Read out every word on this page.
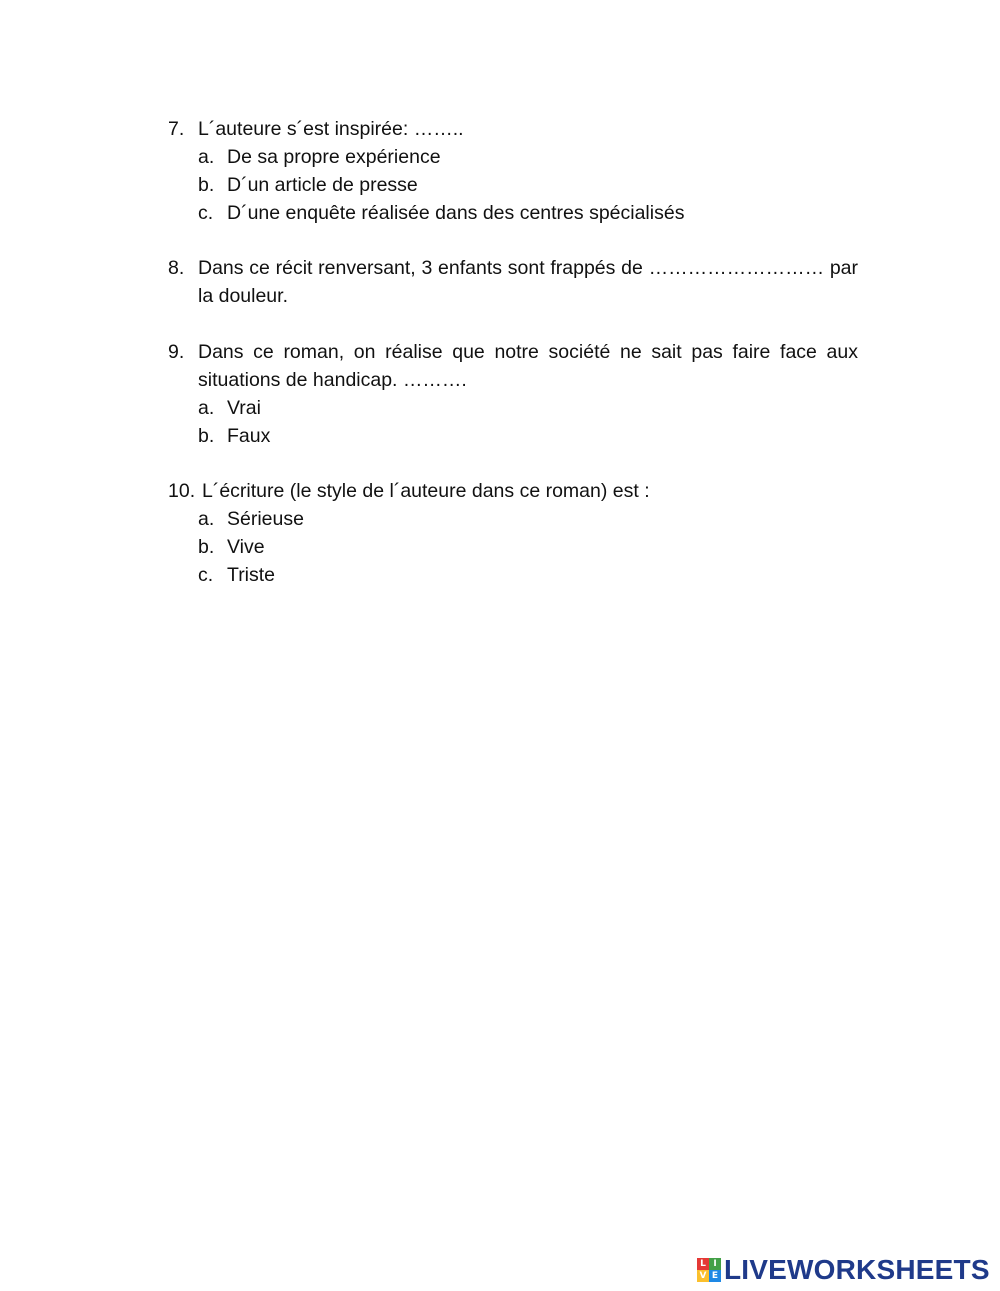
7. L´auteure s´est inspirée: ……..
a. De sa propre expérience
b. D´un article de presse
c. D´une enquête réalisée dans des centres spécialisés
8. Dans ce récit renversant, 3 enfants sont frappés de ……………………… par la douleur.
9. Dans ce roman, on réalise que notre société ne sait pas faire face aux situations de handicap. ……….
a. Vrai
b. Faux
10. L´écriture (le style de l´auteure dans ce roman) est :
a. Sérieuse
b. Vive
c. Triste
L I
V E LIVEWORKSHEETS
